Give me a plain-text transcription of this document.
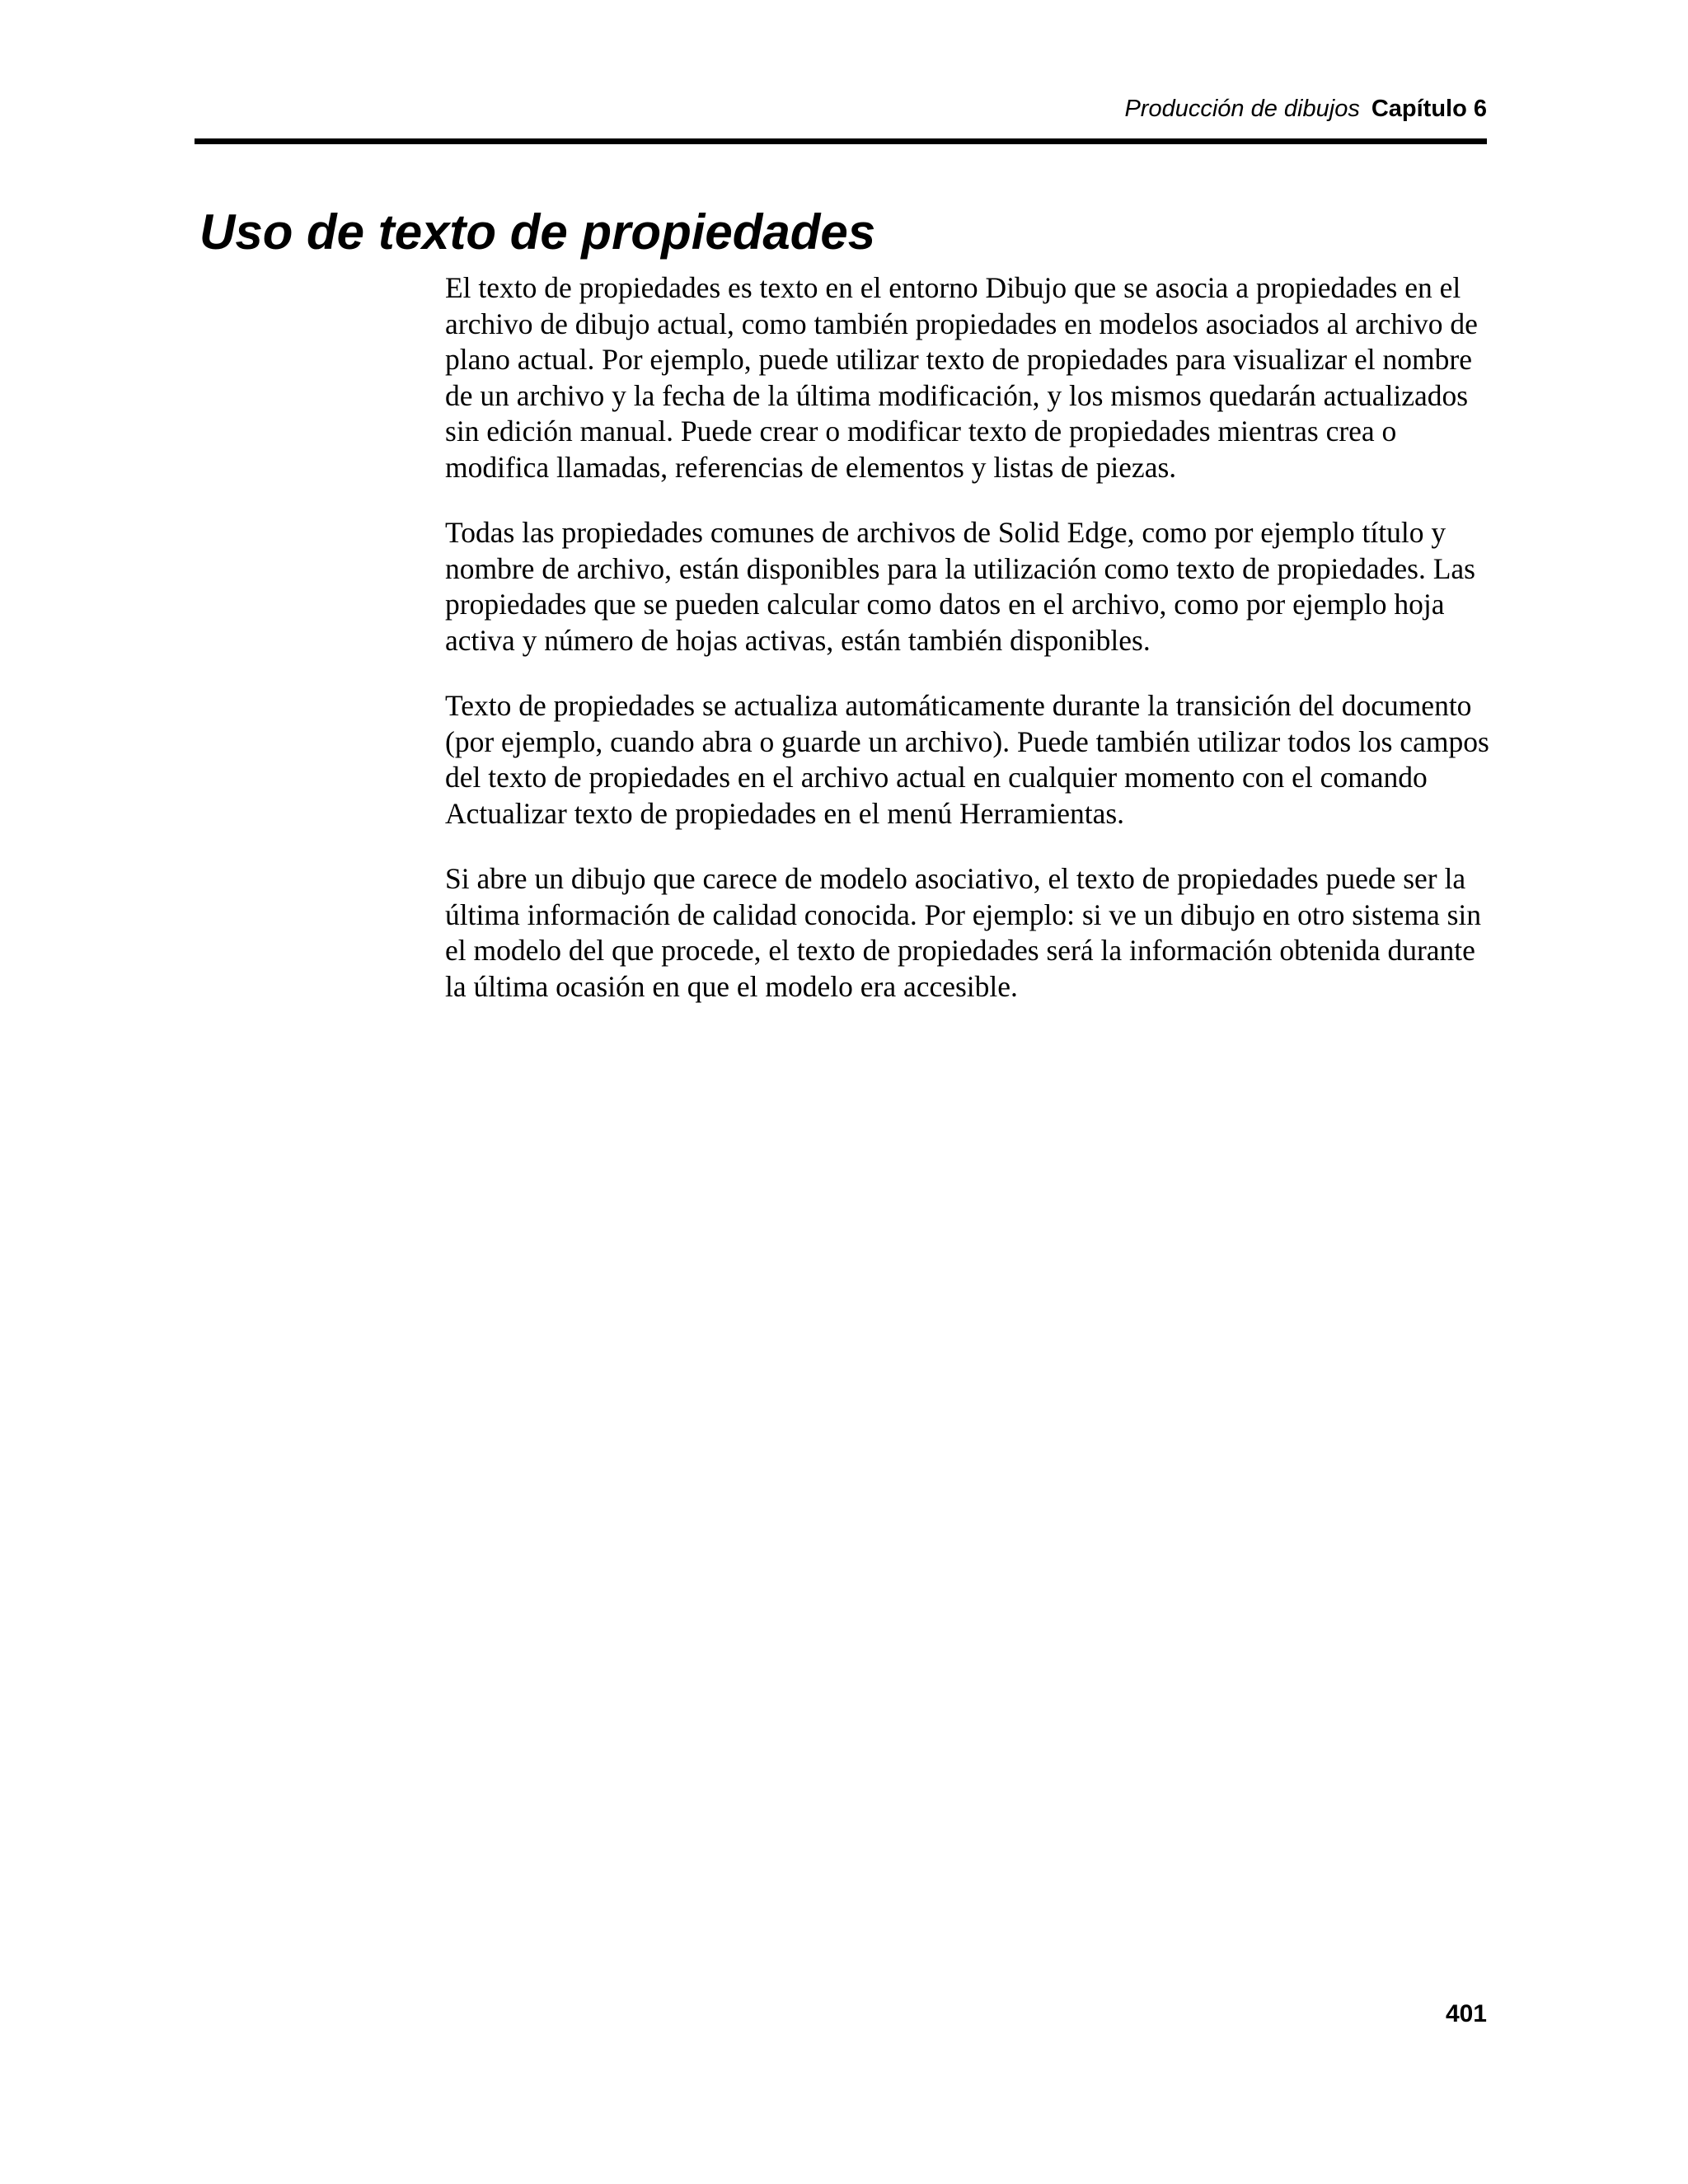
Producción de dibujos Capítulo 6
Uso de texto de propiedades

El texto de propiedades es texto en el entorno Dibujo que se asocia a propiedades en el archivo de dibujo actual, como también propiedades en modelos asociados al archivo de plano actual. Por ejemplo, puede utilizar texto de propiedades para visualizar el nombre de un archivo y la fecha de la última modificación, y los mismos quedarán actualizados sin edición manual. Puede crear o modificar texto de propiedades mientras crea o modifica llamadas, referencias de elementos y listas de piezas.

Todas las propiedades comunes de archivos de Solid Edge, como por ejemplo título y nombre de archivo, están disponibles para la utilización como texto de propiedades. Las propiedades que se pueden calcular como datos en el archivo, como por ejemplo hoja activa y número de hojas activas, están también disponibles.

Texto de propiedades se actualiza automáticamente durante la transición del documento (por ejemplo, cuando abra o guarde un archivo). Puede también utilizar todos los campos del texto de propiedades en el archivo actual en cualquier momento con el comando Actualizar texto de propiedades en el menú Herramientas.

Si abre un dibujo que carece de modelo asociativo, el texto de propiedades puede ser la última información de calidad conocida. Por ejemplo: si ve un dibujo en otro sistema sin el modelo del que procede, el texto de propiedades será la información obtenida durante la última ocasión en que el modelo era accesible.

401
